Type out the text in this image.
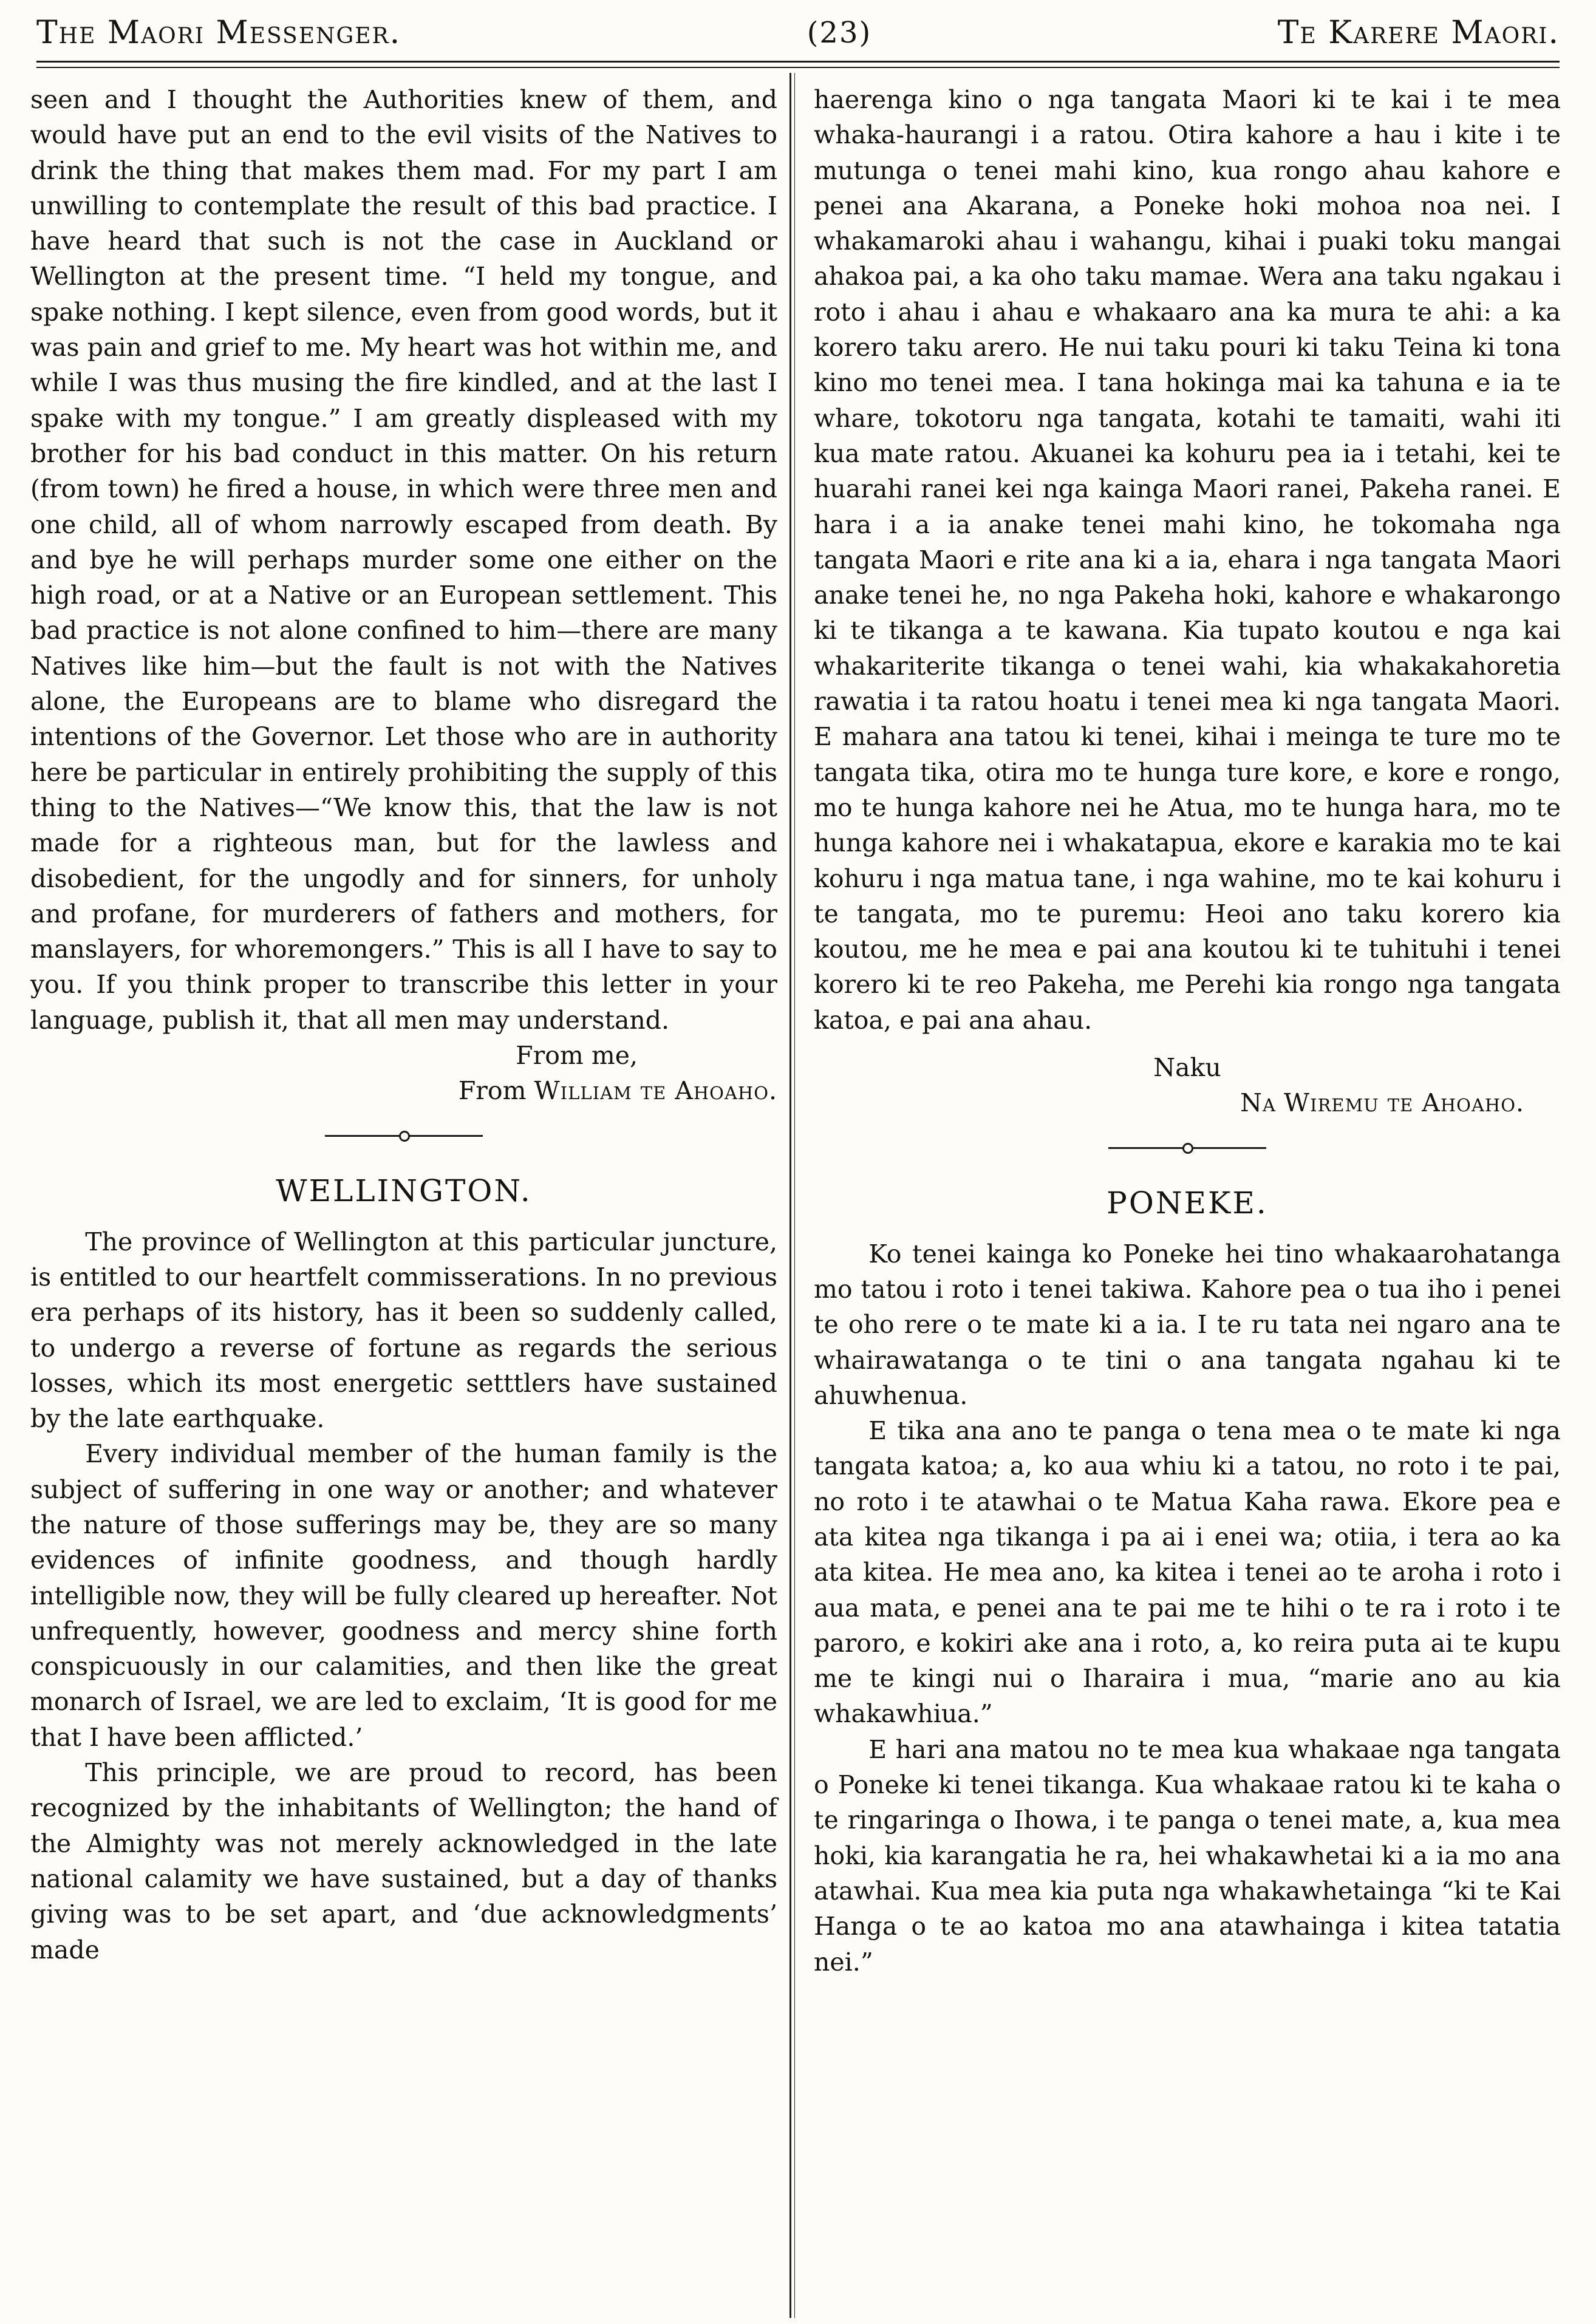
The Maori Messenger.	(23)	Te Karere Maori.

seen and I thought the Authorities knew of them, and would have put an end to the evil visits of the Natives to drink the thing that makes them mad. For my part I am unwilling to contemplate the result of this bad practice. I have heard that such is not the case in Auckland or Wellington at the present time. “I held my tongue, and spake nothing. I kept silence, even from good words, but it was pain and grief to me. My heart was hot within me, and while I was thus musing the fire kindled, and at the last I spake with my tongue.” I am greatly displeased with my brother for his bad conduct in this matter. On his return (from town) he fired a house, in which were three men and one child, all of whom narrowly escaped from death. By and bye he will perhaps murder some one either on the high road, or at a Native or an European settlement. This bad practice is not alone confined to him—there are many Natives like him—but the fault is not with the Natives alone, the Europeans are to blame who disregard the intentions of the Governor. Let those who are in authority here be particular in entirely prohibiting the supply of this thing to the Natives—“We know this, that the law is not made for a righteous man, but for the lawless and disobedient, for the ungodly and for sinners, for unholy and profane, for murderers of fathers and mothers, for manslayers, for whoremongers.” This is all I have to say to you. If you think proper to transcribe this letter in your language, publish it, that all men may understand.

From me,

From William te Ahoaho.

WELLINGTON.

The province of Wellington at this particular juncture, is entitled to our heartfelt commisserations. In no previous era perhaps of its history, has it been so suddenly called, to undergo a reverse of fortune as regards the serious losses, which its most energetic setttlers have sustained by the late earthquake.

Every individual member of the human family is the subject of suffering in one way or another; and whatever the nature of those sufferings may be, they are so many evidences of infinite goodness, and though hardly intelligible now, they will be fully cleared up hereafter. Not unfrequently, however, goodness and mercy shine forth conspicuously in our calamities, and then like the great monarch of Israel, we are led to exclaim, ‘It is good for me that I have been afflicted.’

This principle, we are proud to record, has been recognized by the inhabitants of Wellington; the hand of the Almighty was not merely acknowledged in the late national calamity we have sustained, but a day of thanks giving was to be set apart, and ‘due acknowledgments’ made

haerenga kino o nga tangata Maori ki te kai i te mea whaka-haurangi i a ratou. Otira kahore a hau i kite i te mutunga o tenei mahi kino, kua rongo ahau kahore e penei ana Akarana, a Poneke hoki mohoa noa nei. I whakamaroki ahau i wahangu, kihai i puaki toku mangai ahakoa pai, a ka oho taku mamae. Wera ana taku ngakau i roto i ahau i ahau e whakaaro ana ka mura te ahi: a ka korero taku arero. He nui taku pouri ki taku Teina ki tona kino mo tenei mea. I tana hokinga mai ka tahuna e ia te whare, tokotoru nga tangata, kotahi te tamaiti, wahi iti kua mate ratou. Akuanei ka kohuru pea ia i tetahi, kei te huarahi ranei kei nga kainga Maori ranei, Pakeha ranei. E hara i a ia anake tenei mahi kino, he tokomaha nga tangata Maori e rite ana ki a ia, ehara i nga tangata Maori anake tenei he, no nga Pakeha hoki, kahore e whakarongo ki te tikanga a te kawana. Kia tupato koutou e nga kai whakariterite tikanga o tenei wahi, kia whakakahoretia rawatia i ta ratou hoatu i tenei mea ki nga tangata Maori. E mahara ana tatou ki tenei, kihai i meinga te ture mo te tangata tika, otira mo te hunga ture kore, e kore e rongo, mo te hunga kahore nei he Atua, mo te hunga hara, mo te hunga kahore nei i whakatapua, ekore e karakia mo te kai kohuru i nga matua tane, i nga wahine, mo te kai kohuru i te tangata, mo te puremu: Heoi ano taku korero kia koutou, me he mea e pai ana koutou ki te tuhituhi i tenei korero ki te reo Pakeha, me Perehi kia rongo nga tangata katoa, e pai ana ahau.

Naku

Na Wiremu te Ahoaho.

PONEKE.

Ko tenei kainga ko Poneke hei tino whakaarohatanga mo tatou i roto i tenei takiwa. Kahore pea o tua iho i penei te oho rere o te mate ki a ia. I te ru tata nei ngaro ana te whairawatanga o te tini o ana tangata ngahau ki te ahuwhenua.

E tika ana ano te panga o tena mea o te mate ki nga tangata katoa; a, ko aua whiu ki a tatou, no roto i te pai, no roto i te atawhai o te Matua Kaha rawa. Ekore pea e ata kitea nga tikanga i pa ai i enei wa; otiia, i tera ao ka ata kitea. He mea ano, ka kitea i tenei ao te aroha i roto i aua mata, e penei ana te pai me te hihi o te ra i roto i te paroro, e kokiri ake ana i roto, a, ko reira puta ai te kupu me te kingi nui o Iharaira i mua, “marie ano au kia whakawhiua.”

E hari ana matou no te mea kua whakaae nga tangata o Poneke ki tenei tikanga. Kua whakaae ratou ki te kaha o te ringaringa o Ihowa, i te panga o tenei mate, a, kua mea hoki, kia karangatia he ra, hei whakawhetai ki a ia mo ana atawhai. Kua mea kia puta nga whakawhetainga “ki te Kai Hanga o te ao katoa mo ana atawhainga i kitea tatatia nei.”
